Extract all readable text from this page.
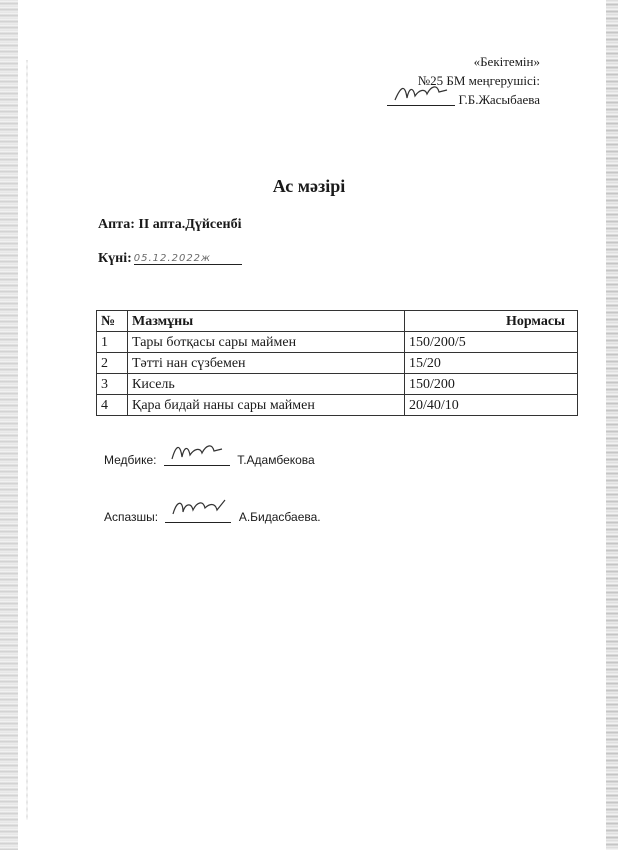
«Бекітемін»
№25 БМ меңгерушісі:
Г.Б.Жасыбаева
Ас мәзірі
Апта: II апта.Дүйсенбі
Күні: 05.12.2022ж
№	Мазмұны	Нормасы
1	Тары ботқасы сары маймен	150/200/5
2	Тәтті нан сүзбемен	15/20
3	Кисель	150/200
4	Қара бидай наны сары маймен	20/40/10
Медбике:	Т.Адамбекова
Аспазшы:	А.Бидасбаева.
